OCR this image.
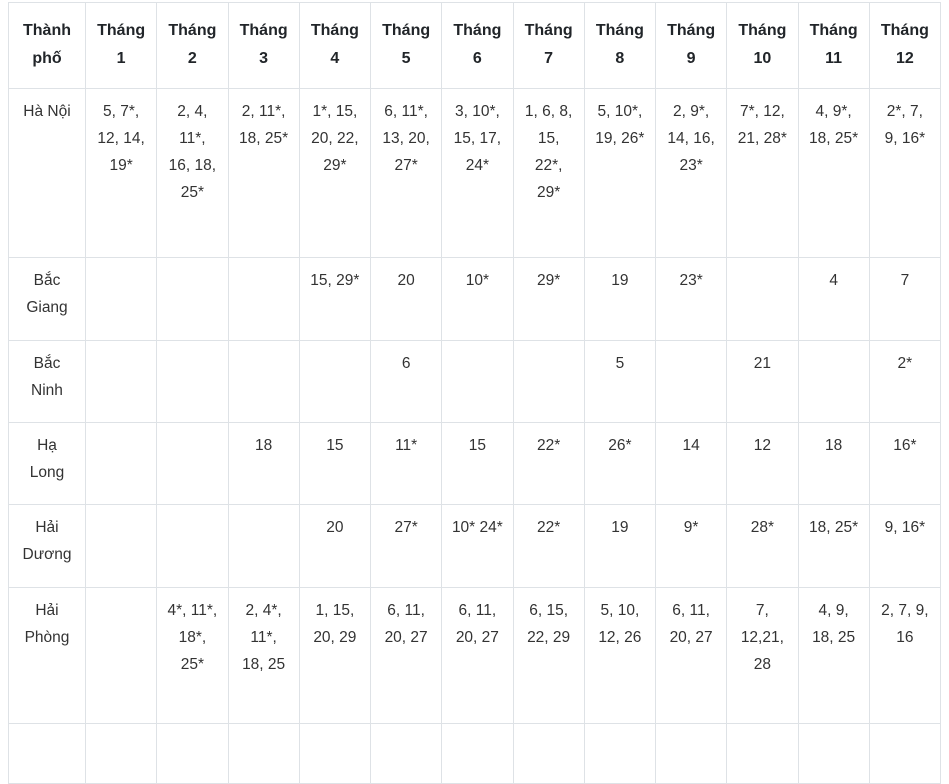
Thành phố	Tháng 1	Tháng 2	Tháng 3	Tháng 4	Tháng 5	Tháng 6	Tháng 7	Tháng 8	Tháng 9	Tháng 10	Tháng 11	Tháng 12
Hà Nội	5, 7*, 12, 14, 19*	2, 4, 11*, 16, 18, 25*	2, 11*, 18, 25*	1*, 15, 20, 22, 29*	6, 11*, 13, 20, 27*	3, 10*, 15, 17, 24*	1, 6, 8, 15, 22*, 29*	5, 10*, 19, 26*	2, 9*, 14, 16, 23*	7*, 12, 21, 28*	4, 9*, 18, 25*	2*, 7, 9, 16*
Bắc Giang				15, 29*	20	10*	29*	19	23*		4	7
Bắc Ninh					6			5		21		2*
Hạ Long			18	15	11*	15	22*	26*	14	12	18	16*
Hải Dương				20	27*	10* 24*	22*	19	9*	28*	18, 25*	9, 16*
Hải Phòng		4*, 11*, 18*, 25*	2, 4*, 11*, 18, 25	1, 15, 20, 29	6, 11, 20, 27	6, 11, 20, 27	6, 15, 22, 29	5, 10, 12, 26	6, 11, 20, 27	7, 12,21, 28	4, 9, 18, 25	2, 7, 9, 16
